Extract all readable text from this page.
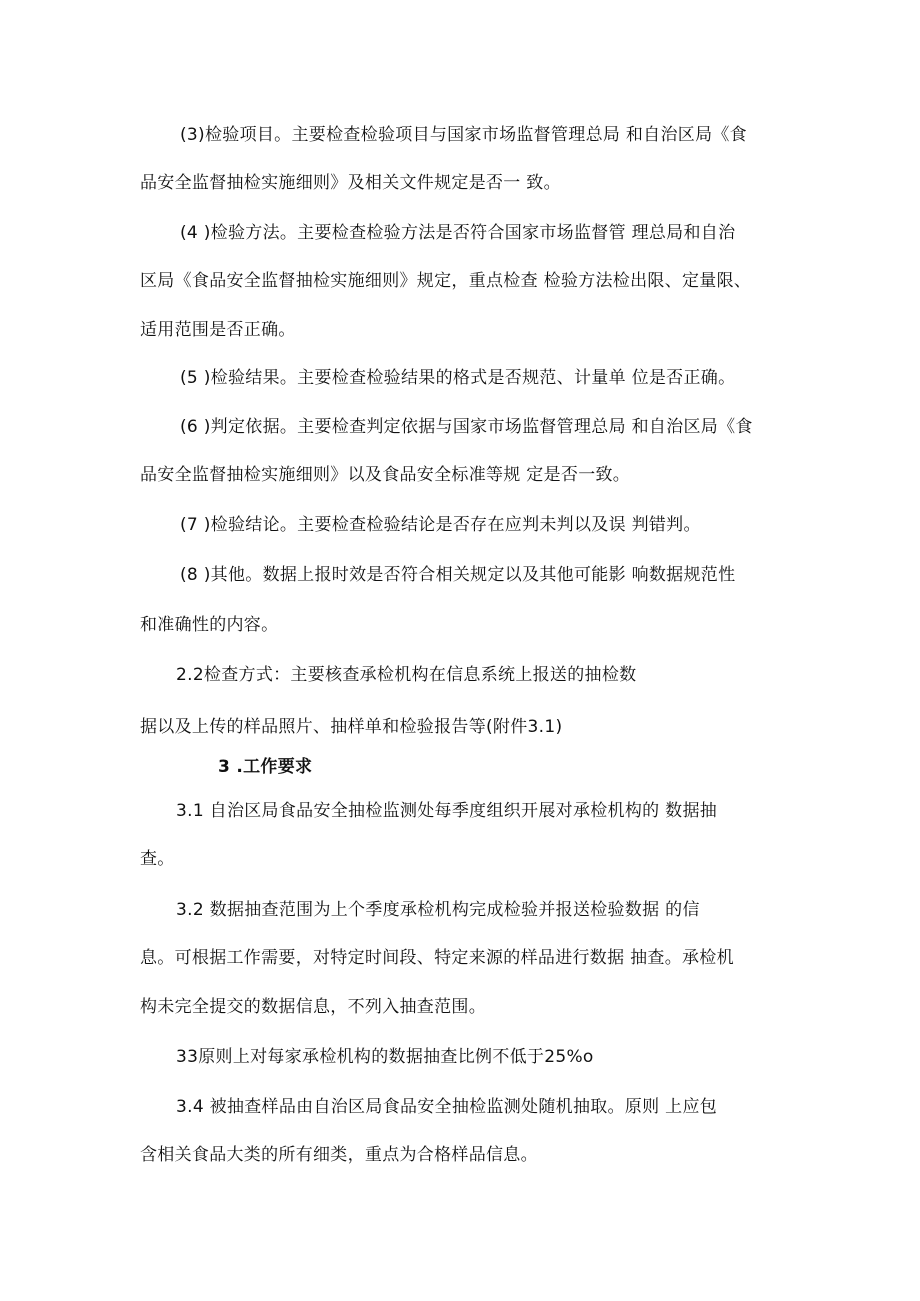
(3)检验项目。主要检查检验项目与国家市场监督管理总局 和自治区局《食
品安全监督抽检实施细则》及相关文件规定是否一 致。
(4 )检验方法。主要检查检验方法是否符合国家市场监督管 理总局和自治
区局《食品安全监督抽检实施细则》规定，重点检查 检验方法检出限、定量限、
适用范围是否正确。
(5 )检验结果。主要检查检验结果的格式是否规范、计量单 位是否正确。
(6 )判定依据。主要检查判定依据与国家市场监督管理总局 和自治区局《食
品安全监督抽检实施细则》以及食品安全标准等规 定是否一致。
(7 )检验结论。主要检查检验结论是否存在应判未判以及误 判错判。
(8 )其他。数据上报时效是否符合相关规定以及其他可能影 响数据规范性
和准确性的内容。
2.2检查方式：主要核查承检机构在信息系统上报送的抽检数
据以及上传的样品照片、抽样单和检验报告等(附件3.1)
3 .工作要求
3.1 自治区局食品安全抽检监测处每季度组织开展对承检机构的 数据抽
查。
3.2 数据抽查范围为上个季度承检机构完成检验并报送检验数据 的信
息。可根据工作需要，对特定时间段、特定来源的样品进行数据 抽查。承检机
构未完全提交的数据信息，不列入抽查范围。
33原则上对每家承检机构的数据抽查比例不低于25%o
3.4 被抽查样品由自治区局食品安全抽检监测处随机抽取。原则 上应包
含相关食品大类的所有细类，重点为合格样品信息。
